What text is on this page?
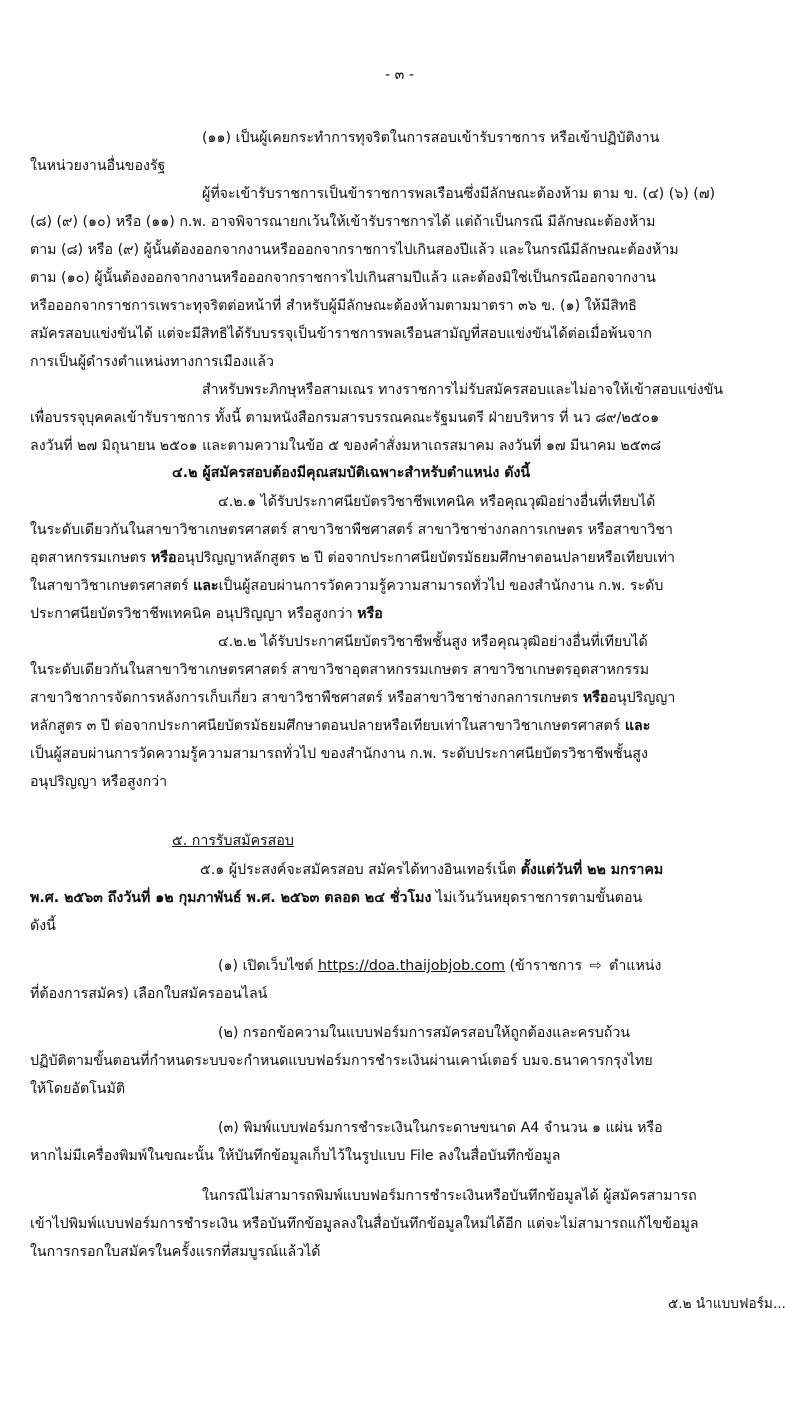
- ๓ -
(๑๑) เป็นผู้เคยกระทำการทุจริตในการสอบเข้ารับราชการ หรือเข้าปฏิบัติงาน
ในหน่วยงานอื่นของรัฐ
ผู้ที่จะเข้ารับราชการเป็นข้าราชการพลเรือนซึ่งมีลักษณะต้องห้าม ตาม ข. (๔) (๖) (๗)
(๘) (๙) (๑๐) หรือ (๑๑) ก.พ. อาจพิจารณายกเว้นให้เข้ารับราชการได้ แต่ถ้าเป็นกรณี มีลักษณะต้องห้าม
ตาม (๘) หรือ (๙) ผู้นั้นต้องออกจากงานหรือออกจากราชการไปเกินสองปีแล้ว และในกรณีมีลักษณะต้องห้าม
ตาม (๑๐) ผู้นั้นต้องออกจากงานหรือออกจากราชการไปเกินสามปีแล้ว และต้องมิใช่เป็นกรณีออกจากงาน
หรือออกจากราชการเพราะทุจริตต่อหน้าที่ สำหรับผู้มีลักษณะต้องห้ามตามมาตรา ๓๖ ข. (๑) ให้มีสิทธิ
สมัครสอบแข่งขันได้ แต่จะมีสิทธิได้รับบรรจุเป็นข้าราชการพลเรือนสามัญที่สอบแข่งขันได้ต่อเมื่อพ้นจาก
การเป็นผู้ดำรงตำแหน่งทางการเมืองแล้ว
สำหรับพระภิกษุหรือสามเณร ทางราชการไม่รับสมัครสอบและไม่อาจให้เข้าสอบแข่งขัน
เพื่อบรรจุบุคคลเข้ารับราชการ ทั้งนี้ ตามหนังสือกรมสารบรรณคณะรัฐมนตรี ฝ่ายบริหาร ที่ นว ๘๙/๒๕๐๑
ลงวันที่ ๒๗ มิถุนายน ๒๕๐๑ และตามความในข้อ ๕ ของคำสั่งมหาเถรสมาคม ลงวันที่ ๑๗ มีนาคม ๒๕๓๘
๔.๒ ผู้สมัครสอบต้องมีคุณสมบัติเฉพาะสำหรับตำแหน่ง ดังนี้
๔.๒.๑ ได้รับประกาศนียบัตรวิชาชีพเทคนิค หรือคุณวุฒิอย่างอื่นที่เทียบได้
ในระดับเดียวกันในสาขาวิชาเกษตรศาสตร์ สาขาวิชาพืชศาสตร์ สาขาวิชาช่างกลการเกษตร หรือสาขาวิชา
อุตสาหกรรมเกษตร หรืออนุปริญญาหลักสูตร ๒ ปี ต่อจากประกาศนียบัตรมัธยมศึกษาตอนปลายหรือเทียบเท่า
ในสาขาวิชาเกษตรศาสตร์ และเป็นผู้สอบผ่านการวัดความรู้ความสามารถทั่วไป ของสำนักงาน ก.พ. ระดับ
ประกาศนียบัตรวิชาชีพเทคนิค อนุปริญญา หรือสูงกว่า หรือ
๔.๒.๒ ได้รับประกาศนียบัตรวิชาชีพชั้นสูง หรือคุณวุฒิอย่างอื่นที่เทียบได้
ในระดับเดียวกันในสาขาวิชาเกษตรศาสตร์ สาขาวิชาอุตสาหกรรมเกษตร สาขาวิชาเกษตรอุตสาหกรรม
สาขาวิชาการจัดการหลังการเก็บเกี่ยว สาขาวิชาพืชศาสตร์ หรือสาขาวิชาช่างกลการเกษตร หรืออนุปริญญา
หลักสูตร ๓ ปี ต่อจากประกาศนียบัตรมัธยมศึกษาตอนปลายหรือเทียบเท่าในสาขาวิชาเกษตรศาสตร์ และ
เป็นผู้สอบผ่านการวัดความรู้ความสามารถทั่วไป ของสำนักงาน ก.พ. ระดับประกาศนียบัตรวิชาชีพชั้นสูง
อนุปริญญา หรือสูงกว่า
๕. การรับสมัครสอบ
๕.๑ ผู้ประสงค์จะสมัครสอบ สมัครได้ทางอินเทอร์เน็ต ตั้งแต่วันที่ ๒๒ มกราคม
พ.ศ. ๒๕๖๓ ถึงวันที่ ๑๒ กุมภาพันธ์ พ.ศ. ๒๕๖๓ ตลอด ๒๔ ชั่วโมง ไม่เว้นวันหยุดราชการตามขั้นตอน
ดังนี้
(๑) เปิดเว็บไซต์ https://doa.thaijobjob.com (ข้าราชการ ⇨ ตำแหน่ง
ที่ต้องการสมัคร) เลือกใบสมัครออนไลน์
(๒) กรอกข้อความในแบบฟอร์มการสมัครสอบให้ถูกต้องและครบถ้วน
ปฏิบัติตามขั้นตอนที่กำหนดระบบจะกำหนดแบบฟอร์มการชำระเงินผ่านเคาน์เตอร์ บมจ.ธนาคารกรุงไทย
ให้โดยอัตโนมัติ
(๓) พิมพ์แบบฟอร์มการชำระเงินในกระดาษขนาด A4 จำนวน ๑ แผ่น หรือ
หากไม่มีเครื่องพิมพ์ในขณะนั้น ให้บันทึกข้อมูลเก็บไว้ในรูปแบบ File ลงในสื่อบันทึกข้อมูล
ในกรณีไม่สามารถพิมพ์แบบฟอร์มการชำระเงินหรือบันทึกข้อมูลได้ ผู้สมัครสามารถ
เข้าไปพิมพ์แบบฟอร์มการชำระเงิน หรือบันทึกข้อมูลลงในสื่อบันทึกข้อมูลใหม่ได้อีก แต่จะไม่สามารถแก้ไขข้อมูล
ในการกรอกใบสมัครในครั้งแรกที่สมบูรณ์แล้วได้
๕.๒ นำแบบฟอร์ม...
